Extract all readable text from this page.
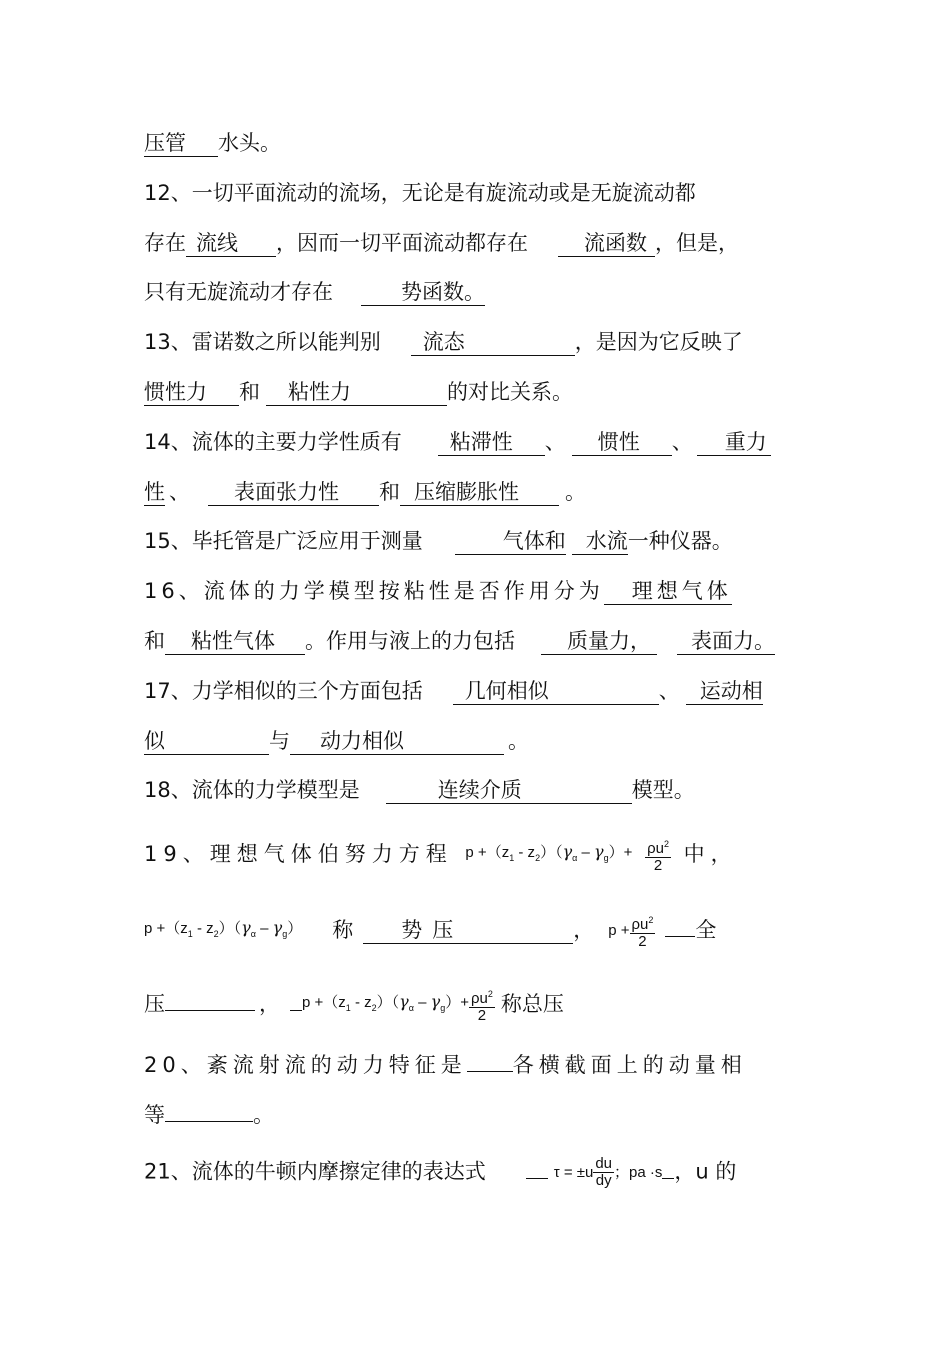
压管 水头。
12、一切平面流动的流场，无论是有旋流动或是无旋流动都
存在 流线 ，因而一切平面流动都存在	流函数 ，但是，
只有无旋流动才存在	势函数。
13、雷诺数之所以能判别 流态	，是因为它反映了
惯性力 和 粘性力	的对比关系。
14、流体的主要力学性质有 粘滞性 、 惯性 、 重力
性 、 表面张力性 和 压缩膨胀性 。
15、毕托管是广泛应用于测量	气体和 水流一种仪器。
16、流体的力学模型按粘性是否作用分为 理想气体
和 粘性气体 。作用与液上的力包括 质量力， 表面力。
17、力学相似的三个方面包括 几何相似	、 运动相
似	与 动力相似	。
18、流体的力学模型是	连续介质	模型。
19、理想气体伯努力方程 $p +(z_1 - z_2)(\gamma_\alpha - \gamma_g)+ \frac{\rho u^2}{2}$ 中，
$p +(z_1 - z_2)(\gamma_\alpha - \gamma_g)$ 称 势压	， $p + \frac{\rho u^2}{2}$ 全
压	， $p +(z_1 - z_2)(\gamma_\alpha - \gamma_g)+ \frac{\rho u^2}{2}$ 称总压
20、紊流射流的动力特征是 各横截面上的动量相
等	。
21、流体的牛顿内摩擦定律的表达式	$\tau = \pm u \frac{du}{dy}$ ；pa ·s ，u 的
